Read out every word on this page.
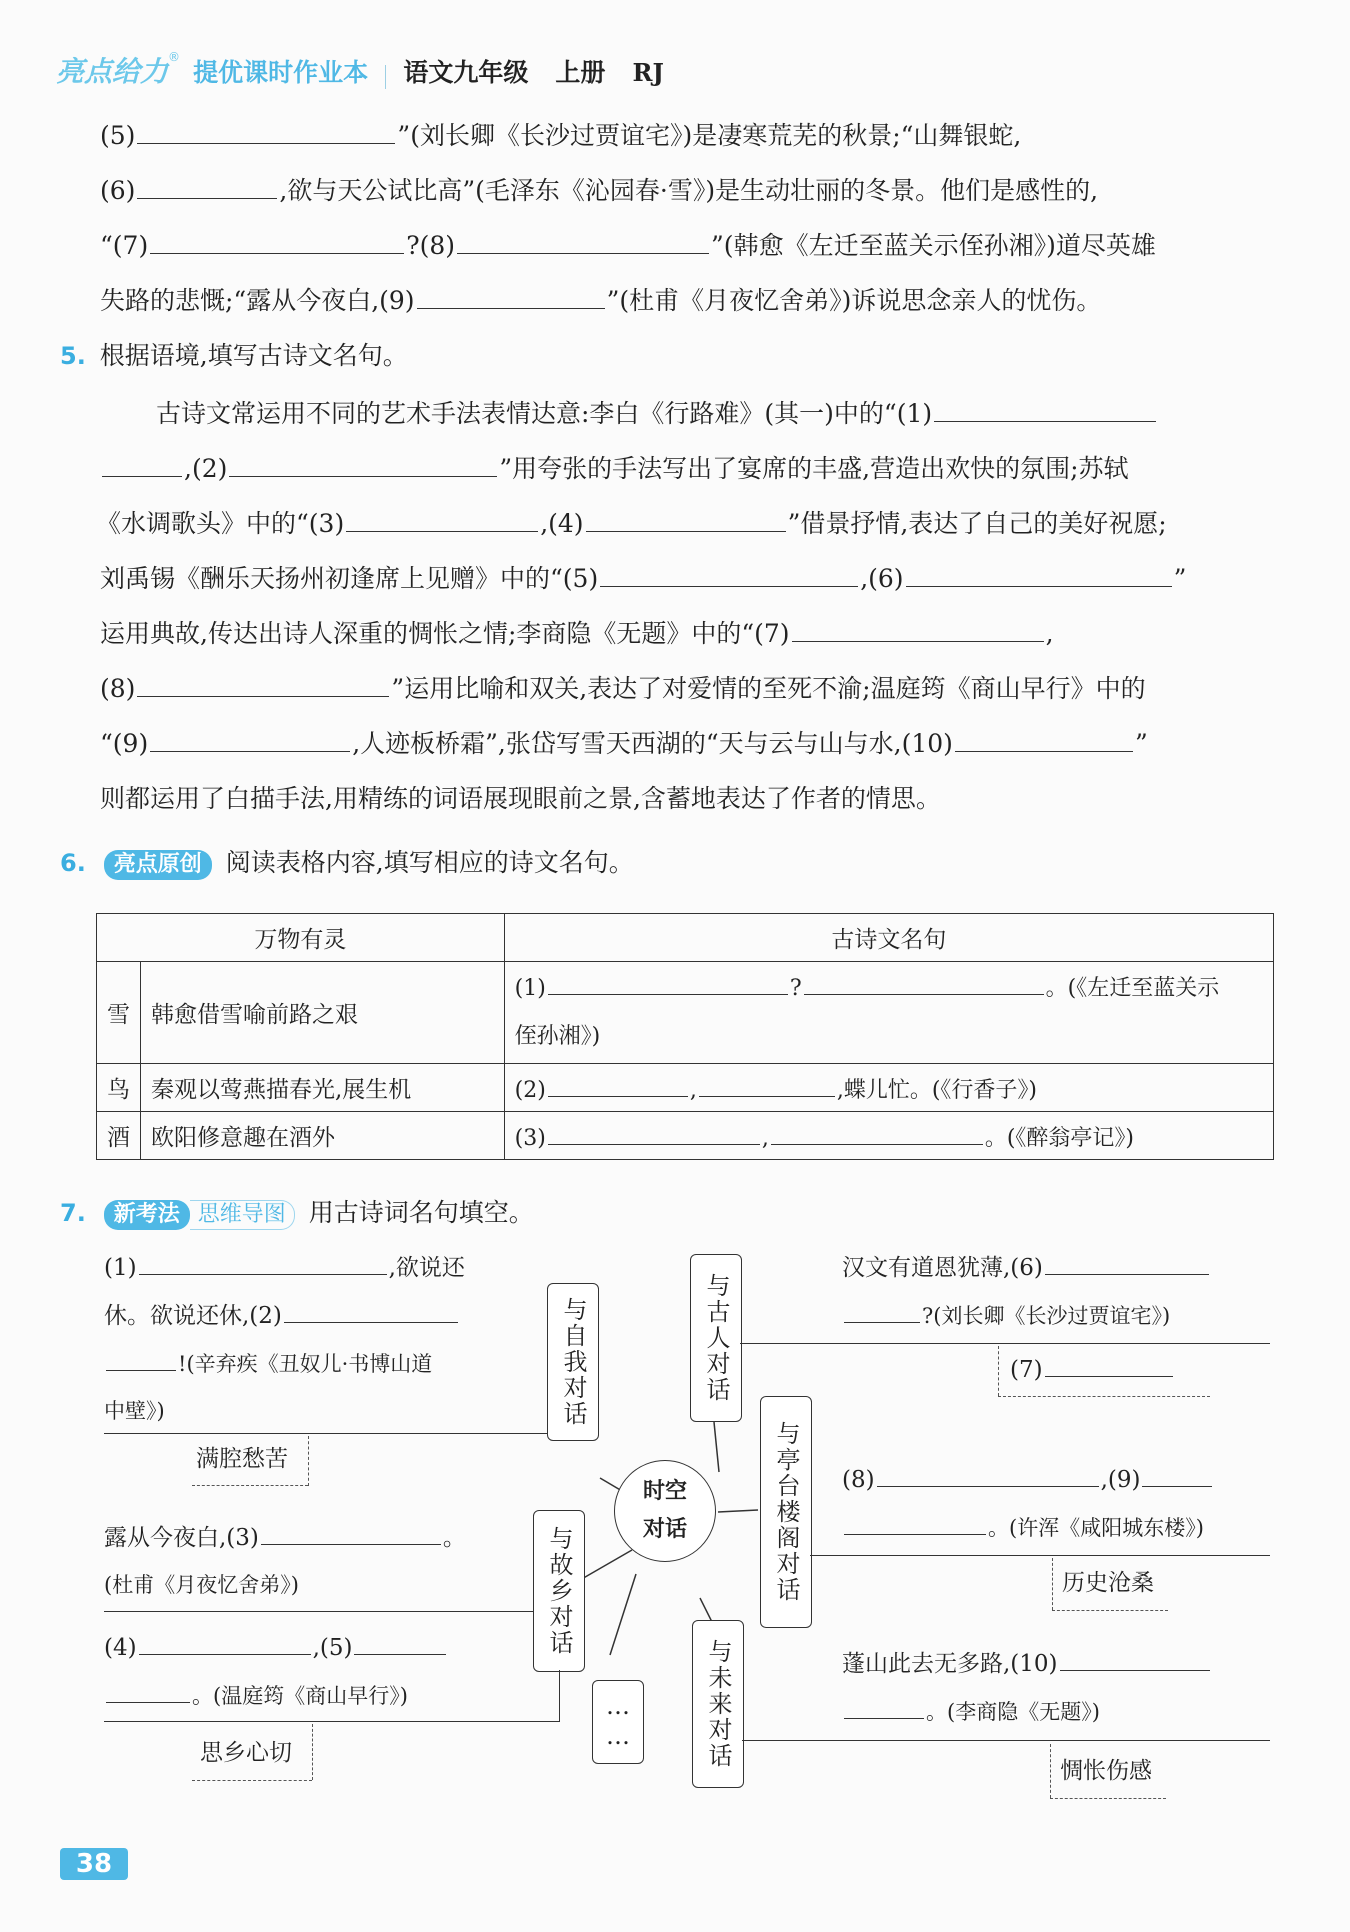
亮点给力® 提优课时作业本 语文九年级 上册 RJ
(5)	”(刘长卿《长沙过贾谊宅》)是凄寒荒芜的秋景;“山舞银蛇,
(6)	,欲与天公试比高”(毛泽东《沁园春·雪》)是生动壮丽的冬景。他们是感性的,
“(7)	?(8)	”(韩愈《左迁至蓝关示侄孙湘》)道尽英雄
失路的悲慨;“露从今夜白,(9)	”(杜甫《月夜忆舍弟》)诉说思念亲人的忧伤。
5. 根据语境,填写古诗文名句。
古诗文常运用不同的艺术手法表情达意:李白《行路难》(其一)中的“(1)
,(2)	”用夸张的手法写出了宴席的丰盛,营造出欢快的氛围;苏轼
《水调歌头》中的“(3)	,(4)	”借景抒情,表达了自己的美好祝愿;
刘禹锡《酬乐天扬州初逢席上见赠》中的“(5)	,(6)	”
运用典故,传达出诗人深重的惆怅之情;李商隐《无题》中的“(7)	,
(8)	”运用比喻和双关,表达了对爱情的至死不渝;温庭筠《商山早行》中的
“(9)	,人迹板桥霜”,张岱写雪天西湖的“天与云与山与水,(10)	”
则都运用了白描手法,用精练的词语展现眼前之景,含蓄地表达了作者的情思。
6. 亮点原创 阅读表格内容,填写相应的诗文名句。
万物有灵		古诗文名句
雪	韩愈借雪喻前路之艰	(1) ? 。(《左迁至蓝关示
侄孙湘》)
鸟	秦观以莺燕描春光,展生机	(2) , ,蝶儿忙。(《行香子》)
酒	欧阳修意趣在酒外	(3) , 。(《醉翁亭记》)
7. 新考法 思维导图 用古诗词名句填空。
时空
对话
与自我对话	与古人对话
与亭台楼阁对话
与故乡对话
……	与未来对话
(1)	,欲说还
休。欲说还休,(2)
!(辛弃疾《丑奴儿·书博山道
中壁》)
满腔愁苦
汉文有道恩犹薄,(6)
?(刘长卿《长沙过贾谊宅》)
(7)
(8)	,(9)
。(许浑《咸阳城东楼》)
历史沧桑
露从今夜白,(3)	。
(杜甫《月夜忆舍弟》)
(4)	,(5)
。(温庭筠《商山早行》)
思乡心切
蓬山此去无多路,(10)
。(李商隐《无题》)
惆怅伤感
38
